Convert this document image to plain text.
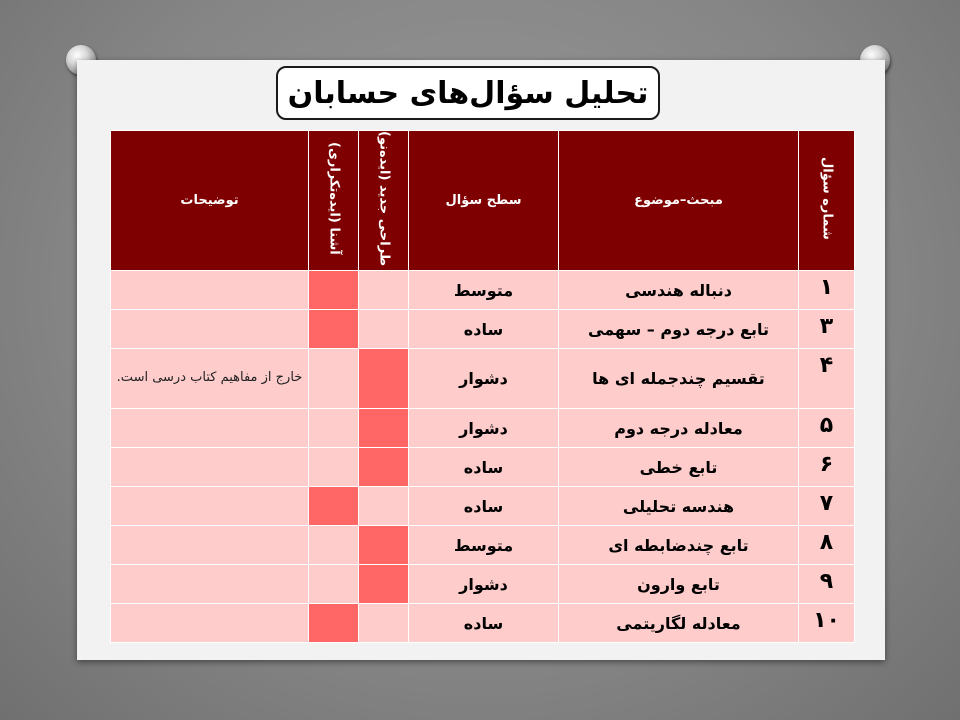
تحلیل سؤال‌های حسابان
شماره سؤال	مبحث–موضوع	سطح سؤال	طراحی جدید (ایده‌نو)	آشنا (ایده‌تکراری)	توضیحات
۱	دنباله هندسی	متوسط			
۳	تابع درجه دوم – سهمی	ساده			
۴	تقسیم چندجمله ای ها	دشوار			خارج از مفاهیم کتاب درسی است.
۵	معادله درجه دوم	دشوار			
۶	تابع خطی	ساده			
۷	هندسه تحلیلی	ساده			
۸	تابع چندضابطه ای	متوسط			
۹	تابع وارون	دشوار			
۱۰	معادله لگاریتمی	ساده			
